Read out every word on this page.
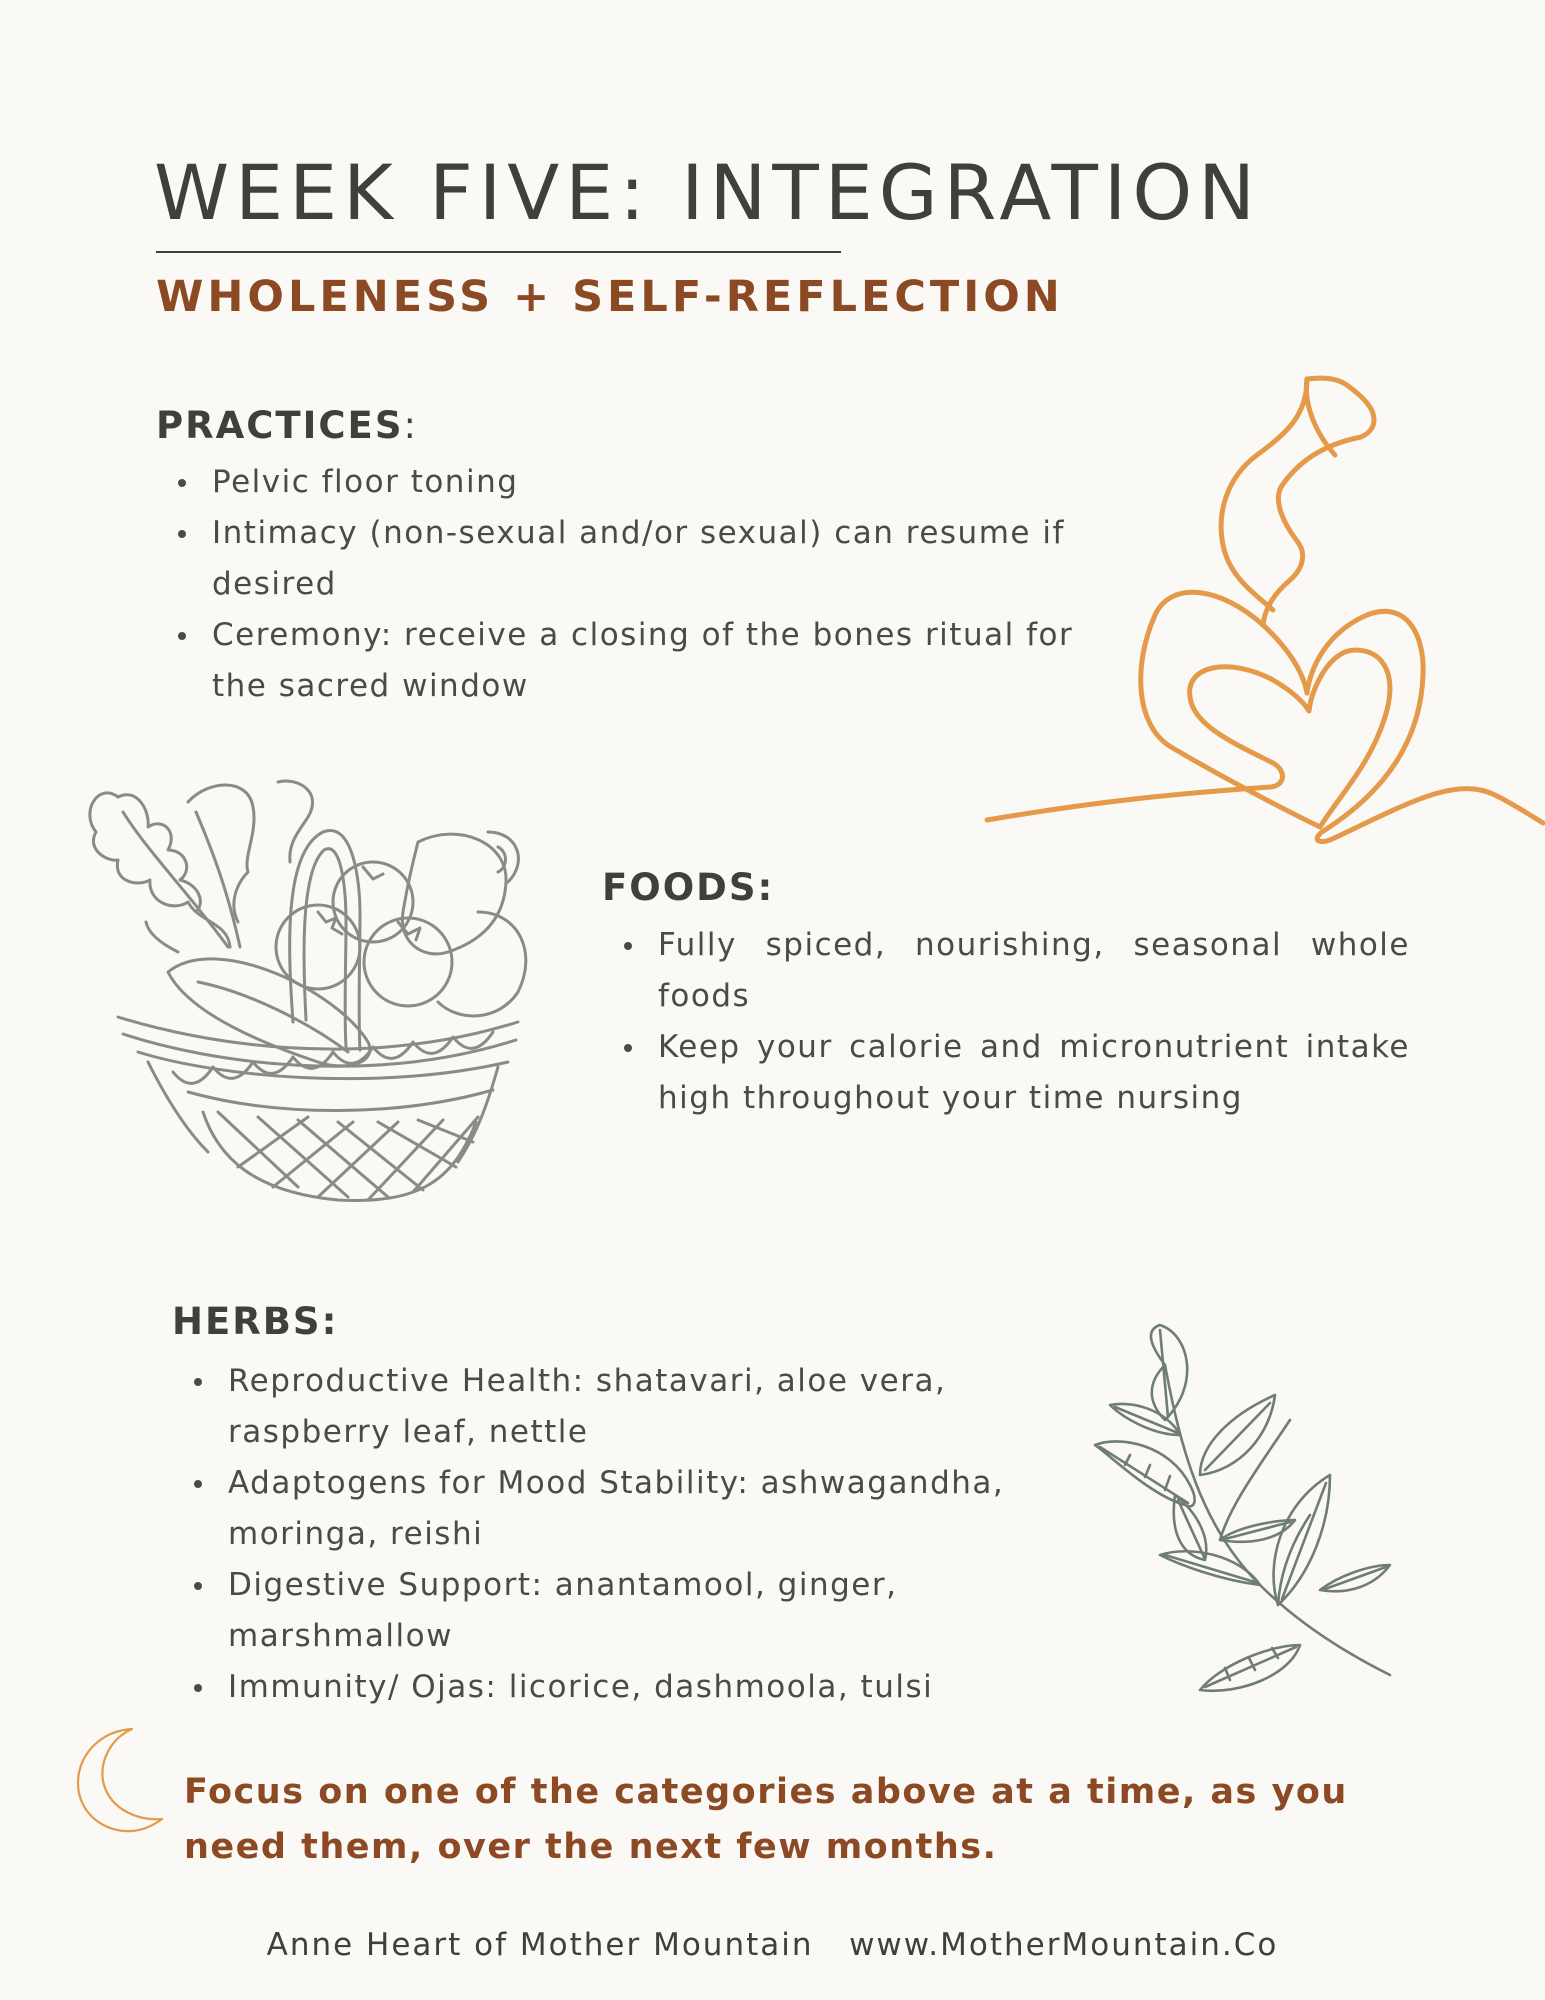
WEEK FIVE: INTEGRATION
WHOLENESS + SELF-REFLECTION
PRACTICES:
Pelvic floor toning
Intimacy (non-sexual and/or sexual) can resume if desired
Ceremony: receive a closing of the bones ritual for the sacred window
FOODS:
Fully spiced, nourishing, seasonal whole foods
Keep your calorie and micronutrient intake high throughout your time nursing
HERBS:
Reproductive Health: shatavari, aloe vera, raspberry leaf, nettle
Adaptogens for Mood Stability: ashwagandha, moringa, reishi
Digestive Support: anantamool, ginger, marshmallow
Immunity/ Ojas: licorice, dashmoola, tulsi

Focus on one of the categories above at a time, as you need them, over the next few months.

Anne Heart of Mother Mountain   www.MotherMountain.Co
